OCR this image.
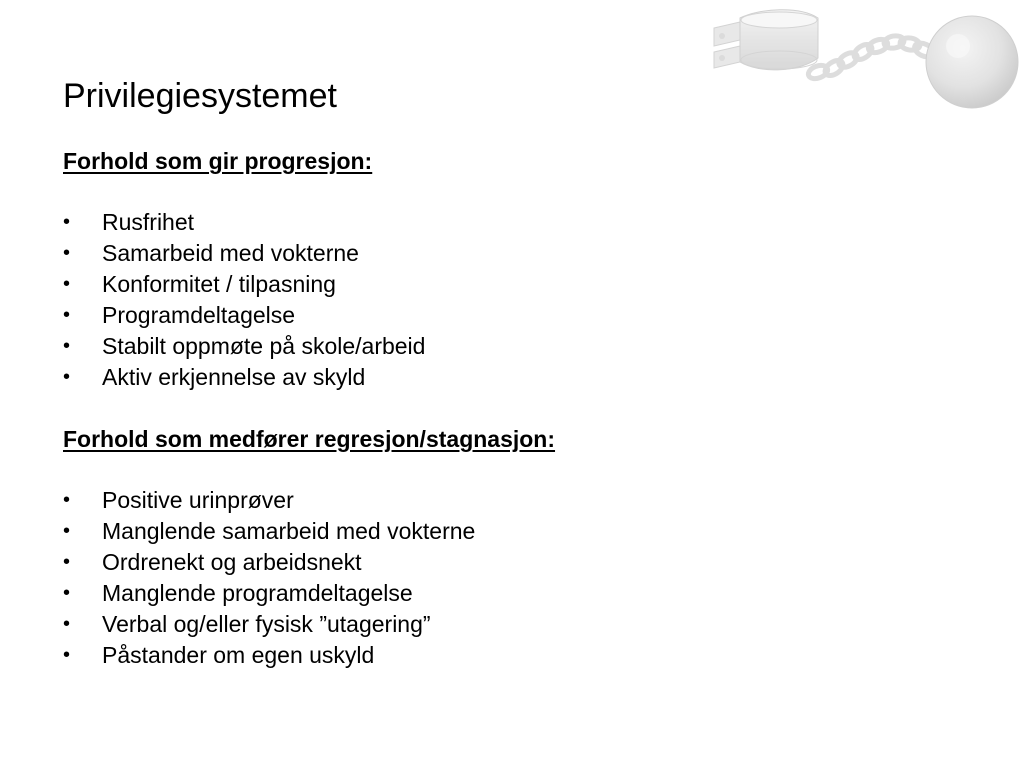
Privilegiesystemet
Forhold som gir progresjon:
•	Rusfrihet
•	Samarbeid med vokterne
•	Konformitet / tilpasning
•	Programdeltagelse
•	Stabilt oppmøte på skole/arbeid
•	Aktiv erkjennelse av skyld
Forhold som medfører regresjon/stagnasjon:
•	Positive urinprøver
•	Manglende samarbeid med vokterne
•	Ordrenekt og arbeidsnekt
•	Manglende programdeltagelse
•	Verbal og/eller fysisk ”utagering”
•	Påstander om egen uskyld
